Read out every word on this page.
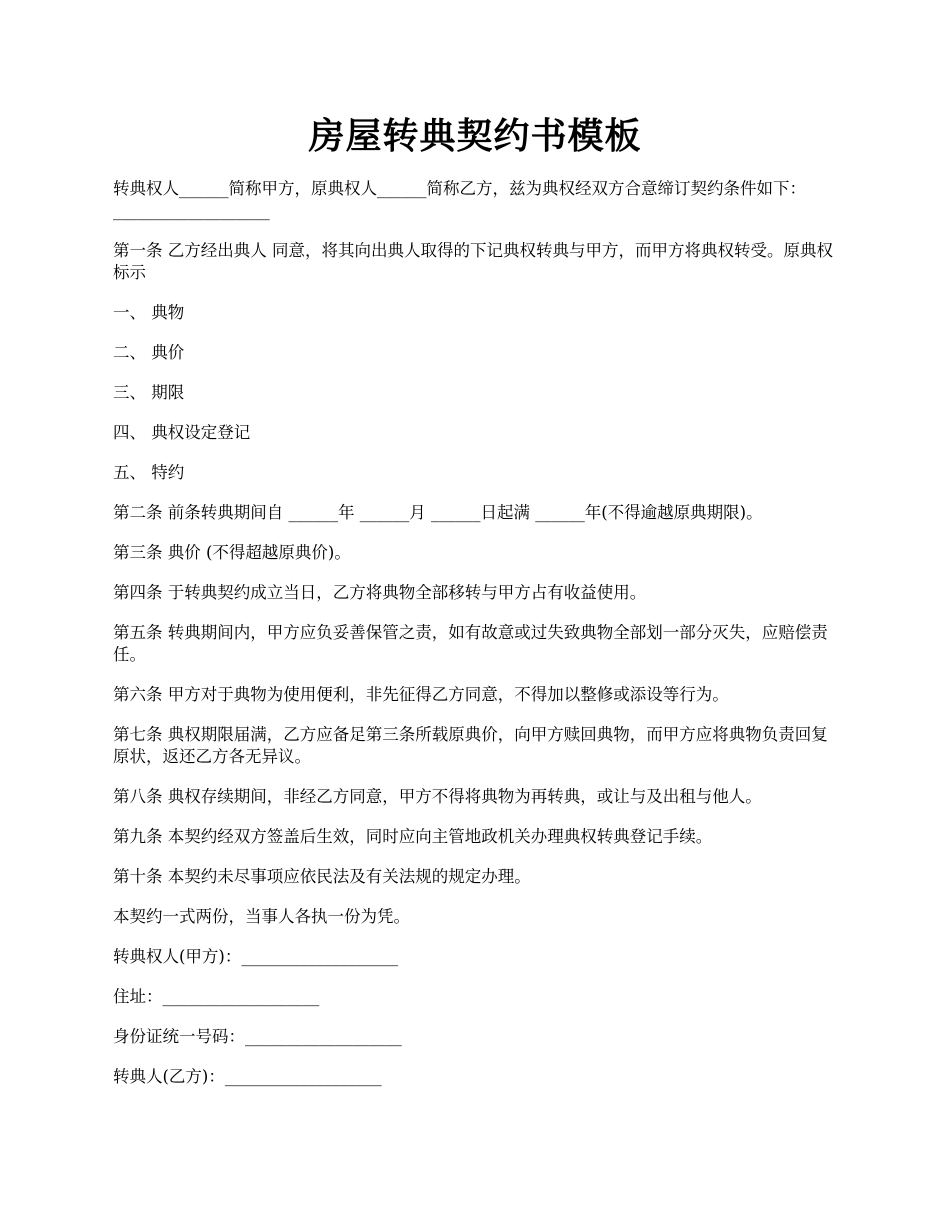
房屋转典契约书模板

转典权人______简称甲方，原典权人______简称乙方，兹为典权经双方合意缔订契约条件如下：___________________

第一条 乙方经出典人 同意，将其向出典人取得的下记典权转典与甲方，而甲方将典权转受。原典权标示

一、 典物

二、 典价

三、 期限

四、 典权设定登记

五、 特约

第二条 前条转典期间自 ______年 ______月 ______日起满 ______年(不得逾越原典期限)。

第三条 典价 (不得超越原典价)。

第四条 于转典契约成立当日，乙方将典物全部移转与甲方占有收益使用。

第五条 转典期间内，甲方应负妥善保管之责，如有故意或过失致典物全部划一部分灭失，应赔偿责任。

第六条 甲方对于典物为使用便利，非先征得乙方同意，不得加以整修或添设等行为。

第七条 典权期限届满，乙方应备足第三条所载原典价，向甲方赎回典物，而甲方应将典物负责回复原状，返还乙方各无异议。

第八条 典权存续期间，非经乙方同意，甲方不得将典物为再转典，或让与及出租与他人。

第九条 本契约经双方签盖后生效，同时应向主管地政机关办理典权转典登记手续。

第十条 本契约未尽事项应依民法及有关法规的规定办理。

本契约一式两份，当事人各执一份为凭。

转典权人(甲方)：___________________

住址：___________________

身份证统一号码：___________________

转典人(乙方)：___________________
